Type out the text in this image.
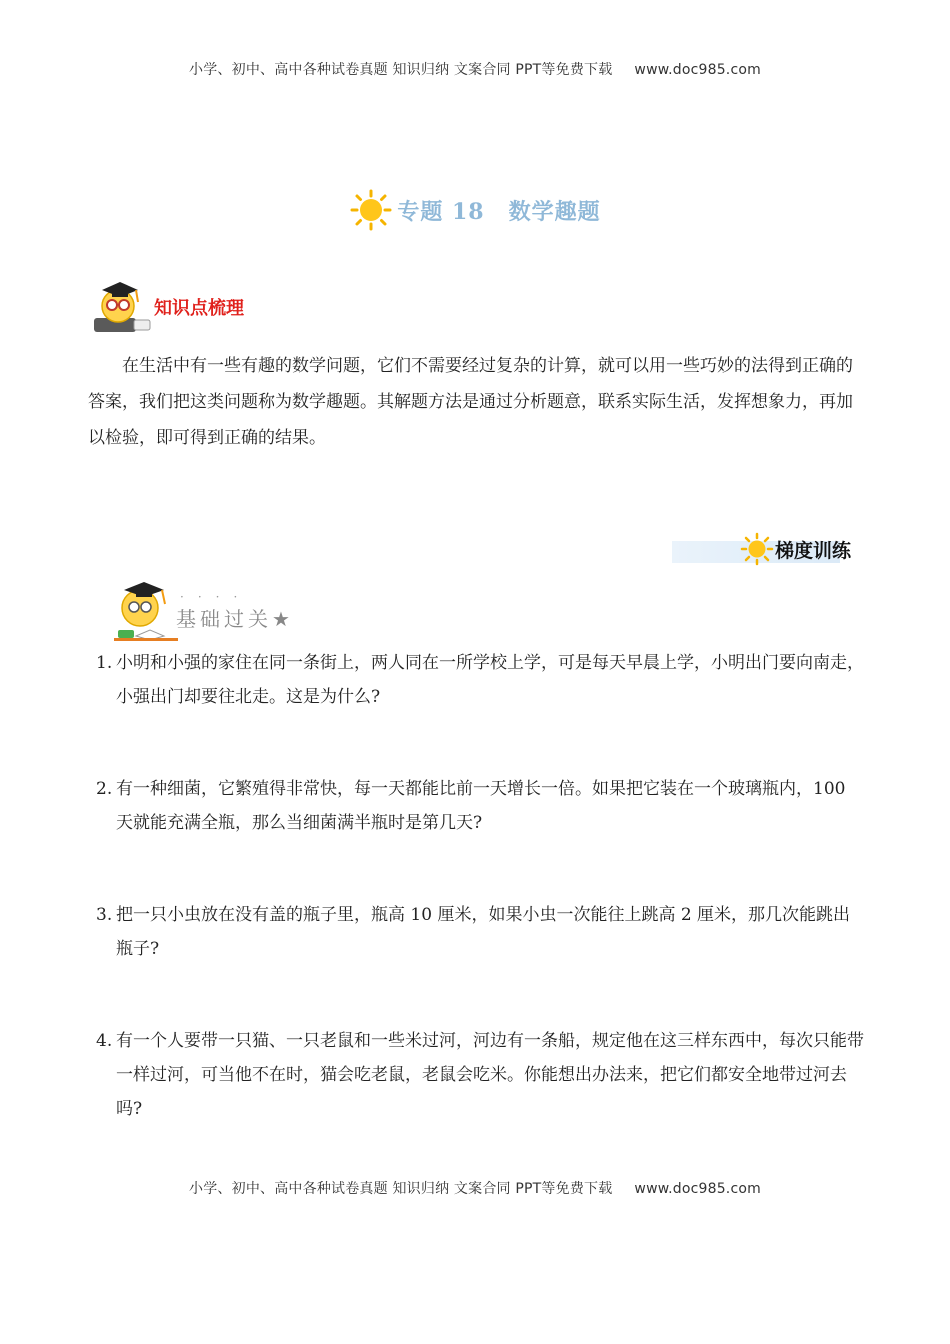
小学、初中、高中各种试卷真题 知识归纳 文案合同 PPT等免费下载 www.doc985.com
专题 18 数学趣题
知识点梳理
在生活中有一些有趣的数学问题，它们不需要经过复杂的计算，就可以用一些巧妙的法得到正确的答案，我们把这类问题称为数学趣题。其解题方法是通过分析题意，联系实际生活，发挥想象力，再加以检验，即可得到正确的结果。
梯度训练
····
基础过关★
1. 小明和小强的家住在同一条街上，两人同在一所学校上学，可是每天早晨上学，小明出门要向南走，小强出门却要往北走。这是为什么?
2. 有一种细菌，它繁殖得非常快，每一天都能比前一天增长一倍。如果把它装在一个玻璃瓶内，100 天就能充满全瓶，那么当细菌满半瓶时是第几天?
3. 把一只小虫放在没有盖的瓶子里，瓶高 10 厘米，如果小虫一次能往上跳高 2 厘米，那几次能跳出瓶子?
4. 有一个人要带一只猫、一只老鼠和一些米过河，河边有一条船，规定他在这三样东西中，每次只能带一样过河，可当他不在时，猫会吃老鼠，老鼠会吃米。你能想出办法来，把它们都安全地带过河去吗?
小学、初中、高中各种试卷真题 知识归纳 文案合同 PPT等免费下载 www.doc985.com
